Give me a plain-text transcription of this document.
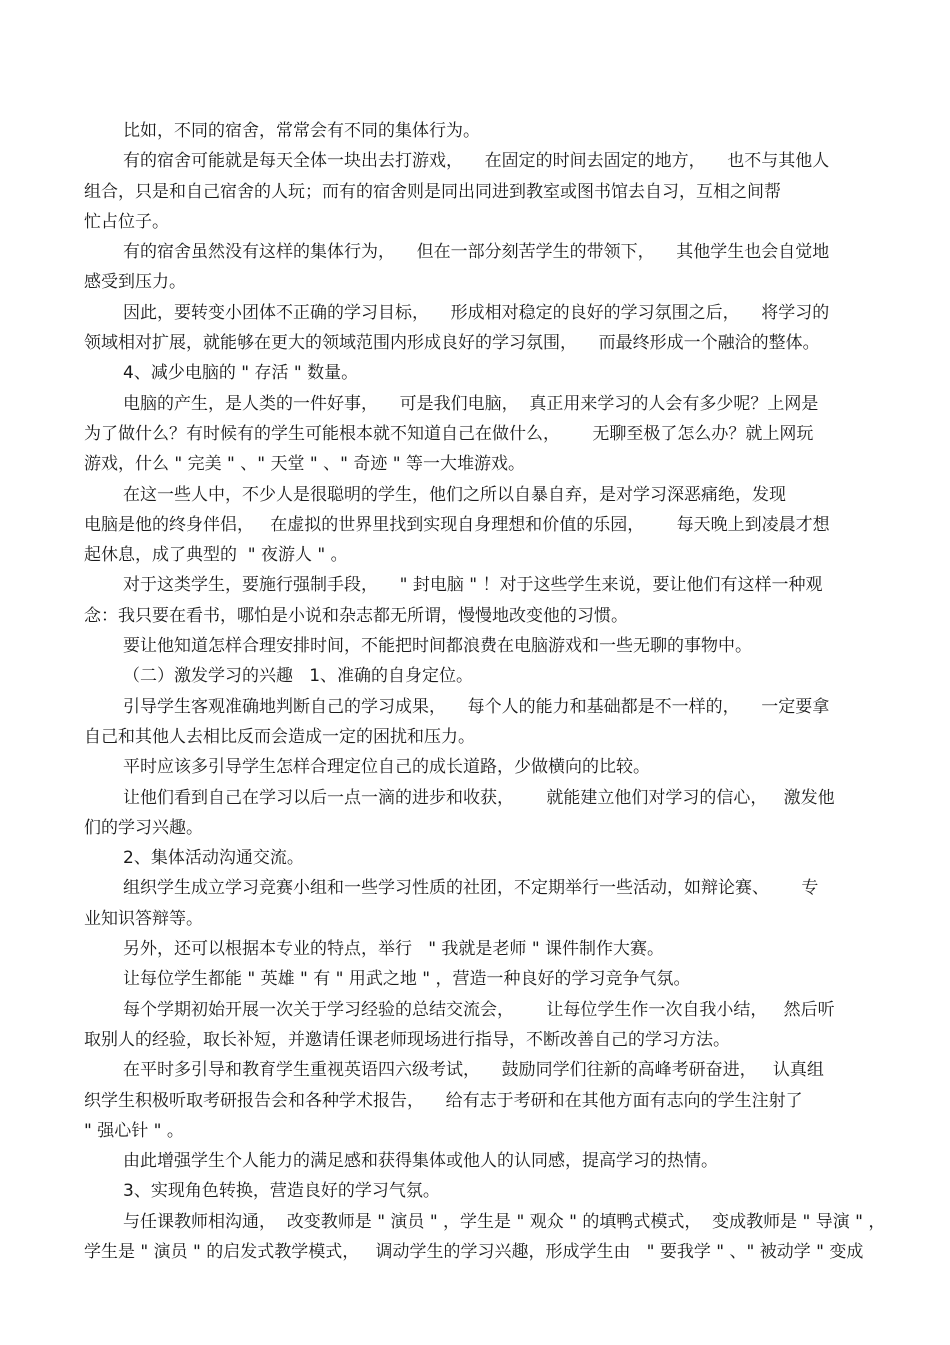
比如，不同的宿舍，常常会有不同的集体行为。
有的宿舍可能就是每天全体一块出去打游戏，    在固定的时间去固定的地方，    也不与其他人
组合，只是和自己宿舍的人玩；而有的宿舍则是同出同进到教室或图书馆去自习，互相之间帮
忙占位子。
有的宿舍虽然没有这样的集体行为，    但在一部分刻苦学生的带领下，    其他学生也会自觉地
感受到压力。
因此，要转变小团体不正确的学习目标，    形成相对稳定的良好的学习氛围之后，    将学习的
领域相对扩展，就能够在更大的领域范围内形成良好的学习氛围，    而最终形成一个融洽的整体。
4、减少电脑的 " 存活 " 数量。
电脑的产生，是人类的一件好事，    可是我们电脑，  真正用来学习的人会有多少呢？上网是
为了做什么？有时候有的学生可能根本就不知道自己在做什么，      无聊至极了怎么办？就上网玩
游戏，什么 " 完美 " 、" 天堂 " 、" 奇迹 " 等一大堆游戏。
在这一些人中，不少人是很聪明的学生，他们之所以自暴自弃，是对学习深恶痛绝，发现
电脑是他的终身伴侣，   在虚拟的世界里找到实现自身理想和价值的乐园，      每天晚上到凌晨才想
起休息，成了典型的  " 夜游人 " 。
对于这类学生，要施行强制手段，    " 封电脑 " ！对于这些学生来说，要让他们有这样一种观
念：我只要在看书，哪怕是小说和杂志都无所谓，慢慢地改变他的习惯。
要让他知道怎样合理安排时间，不能把时间都浪费在电脑游戏和一些无聊的事物中。
（二）激发学习的兴趣   1、准确的自身定位。
引导学生客观准确地判断自己的学习成果，    每个人的能力和基础都是不一样的，    一定要拿
自己和其他人去相比反而会造成一定的困扰和压力。
平时应该多引导学生怎样合理定位自己的成长道路，少做横向的比较。
让他们看到自己在学习以后一点一滴的进步和收获，      就能建立他们对学习的信心，   激发他
们的学习兴趣。
2、集体活动沟通交流。
组织学生成立学习竞赛小组和一些学习性质的社团，不定期举行一些活动，如辩论赛、      专
业知识答辩等。
另外，还可以根据本专业的特点，举行   " 我就是老师 " 课件制作大赛。
让每位学生都能 " 英雄 " 有 " 用武之地 " ，营造一种良好的学习竞争气氛。
每个学期初始开展一次关于学习经验的总结交流会，      让每位学生作一次自我小结，   然后听
取别人的经验，取长补短，并邀请任课老师现场进行指导，不断改善自己的学习方法。
在平时多引导和教育学生重视英语四六级考试，    鼓励同学们往新的高峰考研奋进，   认真组
织学生积极听取考研报告会和各种学术报告，    给有志于考研和在其他方面有志向的学生注射了
" 强心针 " 。
由此增强学生个人能力的满足感和获得集体或他人的认同感，提高学习的热情。
3、实现角色转换，营造良好的学习气氛。
与任课教师相沟通，  改变教师是 " 演员 " ，学生是 " 观众 " 的填鸭式模式，  变成教师是 " 导演 " ，
学生是 " 演员 " 的启发式教学模式，   调动学生的学习兴趣，形成学生由   " 要我学 " 、" 被动学 " 变成
